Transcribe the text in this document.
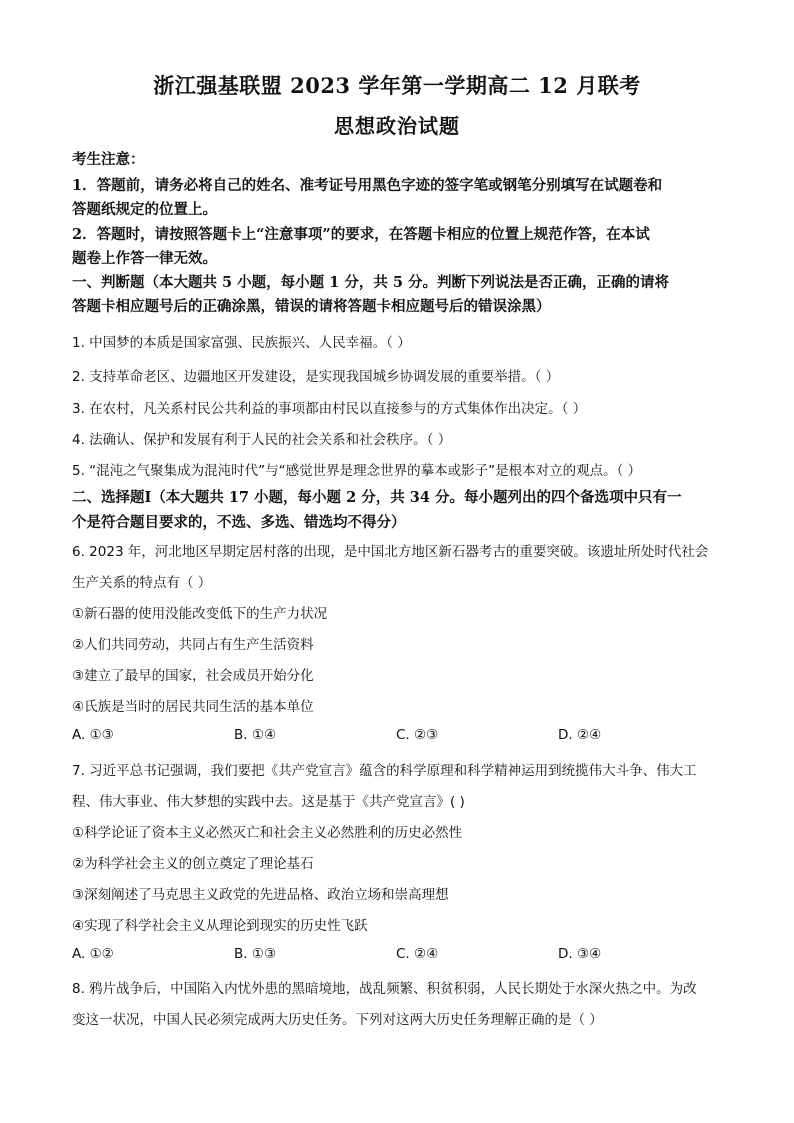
浙江强基联盟 2023 学年第一学期高二 12 月联考
思想政治试题
考生注意：
1．答题前，请务必将自己的姓名、准考证号用黑色字迹的签字笔或钢笔分别填写在试题卷和
答题纸规定的位置上。
2．答题时，请按照答题卡上“注意事项”的要求，在答题卡相应的位置上规范作答，在本试
题卷上作答一律无效。
一、判断题（本大题共 5 小题，每小题 1 分，共 5 分。判断下列说法是否正确，正确的请将
答题卡相应题号后的正确涂黑，错误的请将答题卡相应题号后的错误涂黑）
1. 中国梦的本质是国家富强、民族振兴、人民幸福。（ ）
2. 支持革命老区、边疆地区开发建设，是实现我国城乡协调发展的重要举措。（ ）
3. 在农村，凡关系村民公共利益的事项都由村民以直接参与的方式集体作出决定。（ ）
4. 法确认、保护和发展有利于人民的社会关系和社会秩序。（ ）
5. “混沌之气聚集成为混沌时代”与“感觉世界是理念世界的摹本或影子”是根本对立的观点。（ ）
二、选择题Ⅰ（本大题共 17 小题，每小题 2 分，共 34 分。每小题列出的四个备选项中只有一
个是符合题目要求的，不选、多选、错选均不得分）
6. 2023 年，河北地区早期定居村落的出现，是中国北方地区新石器考古的重要突破。该遗址所处时代社会
生产关系的特点有（ ）
①新石器的使用没能改变低下的生产力状况
②人们共同劳动，共同占有生产生活资料
③建立了最早的国家，社会成员开始分化
④氏族是当时的居民共同生活的基本单位
A. ①③	B. ①④	C. ②③	D. ②④
7. 习近平总书记强调，我们要把《共产党宣言》蕴含的科学原理和科学精神运用到统揽伟大斗争、伟大工
程、伟大事业、伟大梦想的实践中去。这是基于《共产党宣言》( )
①科学论证了资本主义必然灭亡和社会主义必然胜利的历史必然性
②为科学社会主义的创立奠定了理论基石
③深刻阐述了马克思主义政党的先进品格、政治立场和崇高理想
④实现了科学社会主义从理论到现实的历史性飞跃
A. ①②	B. ①③	C. ②④	D. ③④
8. 鸦片战争后，中国陷入内忧外患的黑暗境地，战乱频繁、积贫积弱，人民长期处于水深火热之中。为改
变这一状况，中国人民必须完成两大历史任务。下列对这两大历史任务理解正确的是（ ）
